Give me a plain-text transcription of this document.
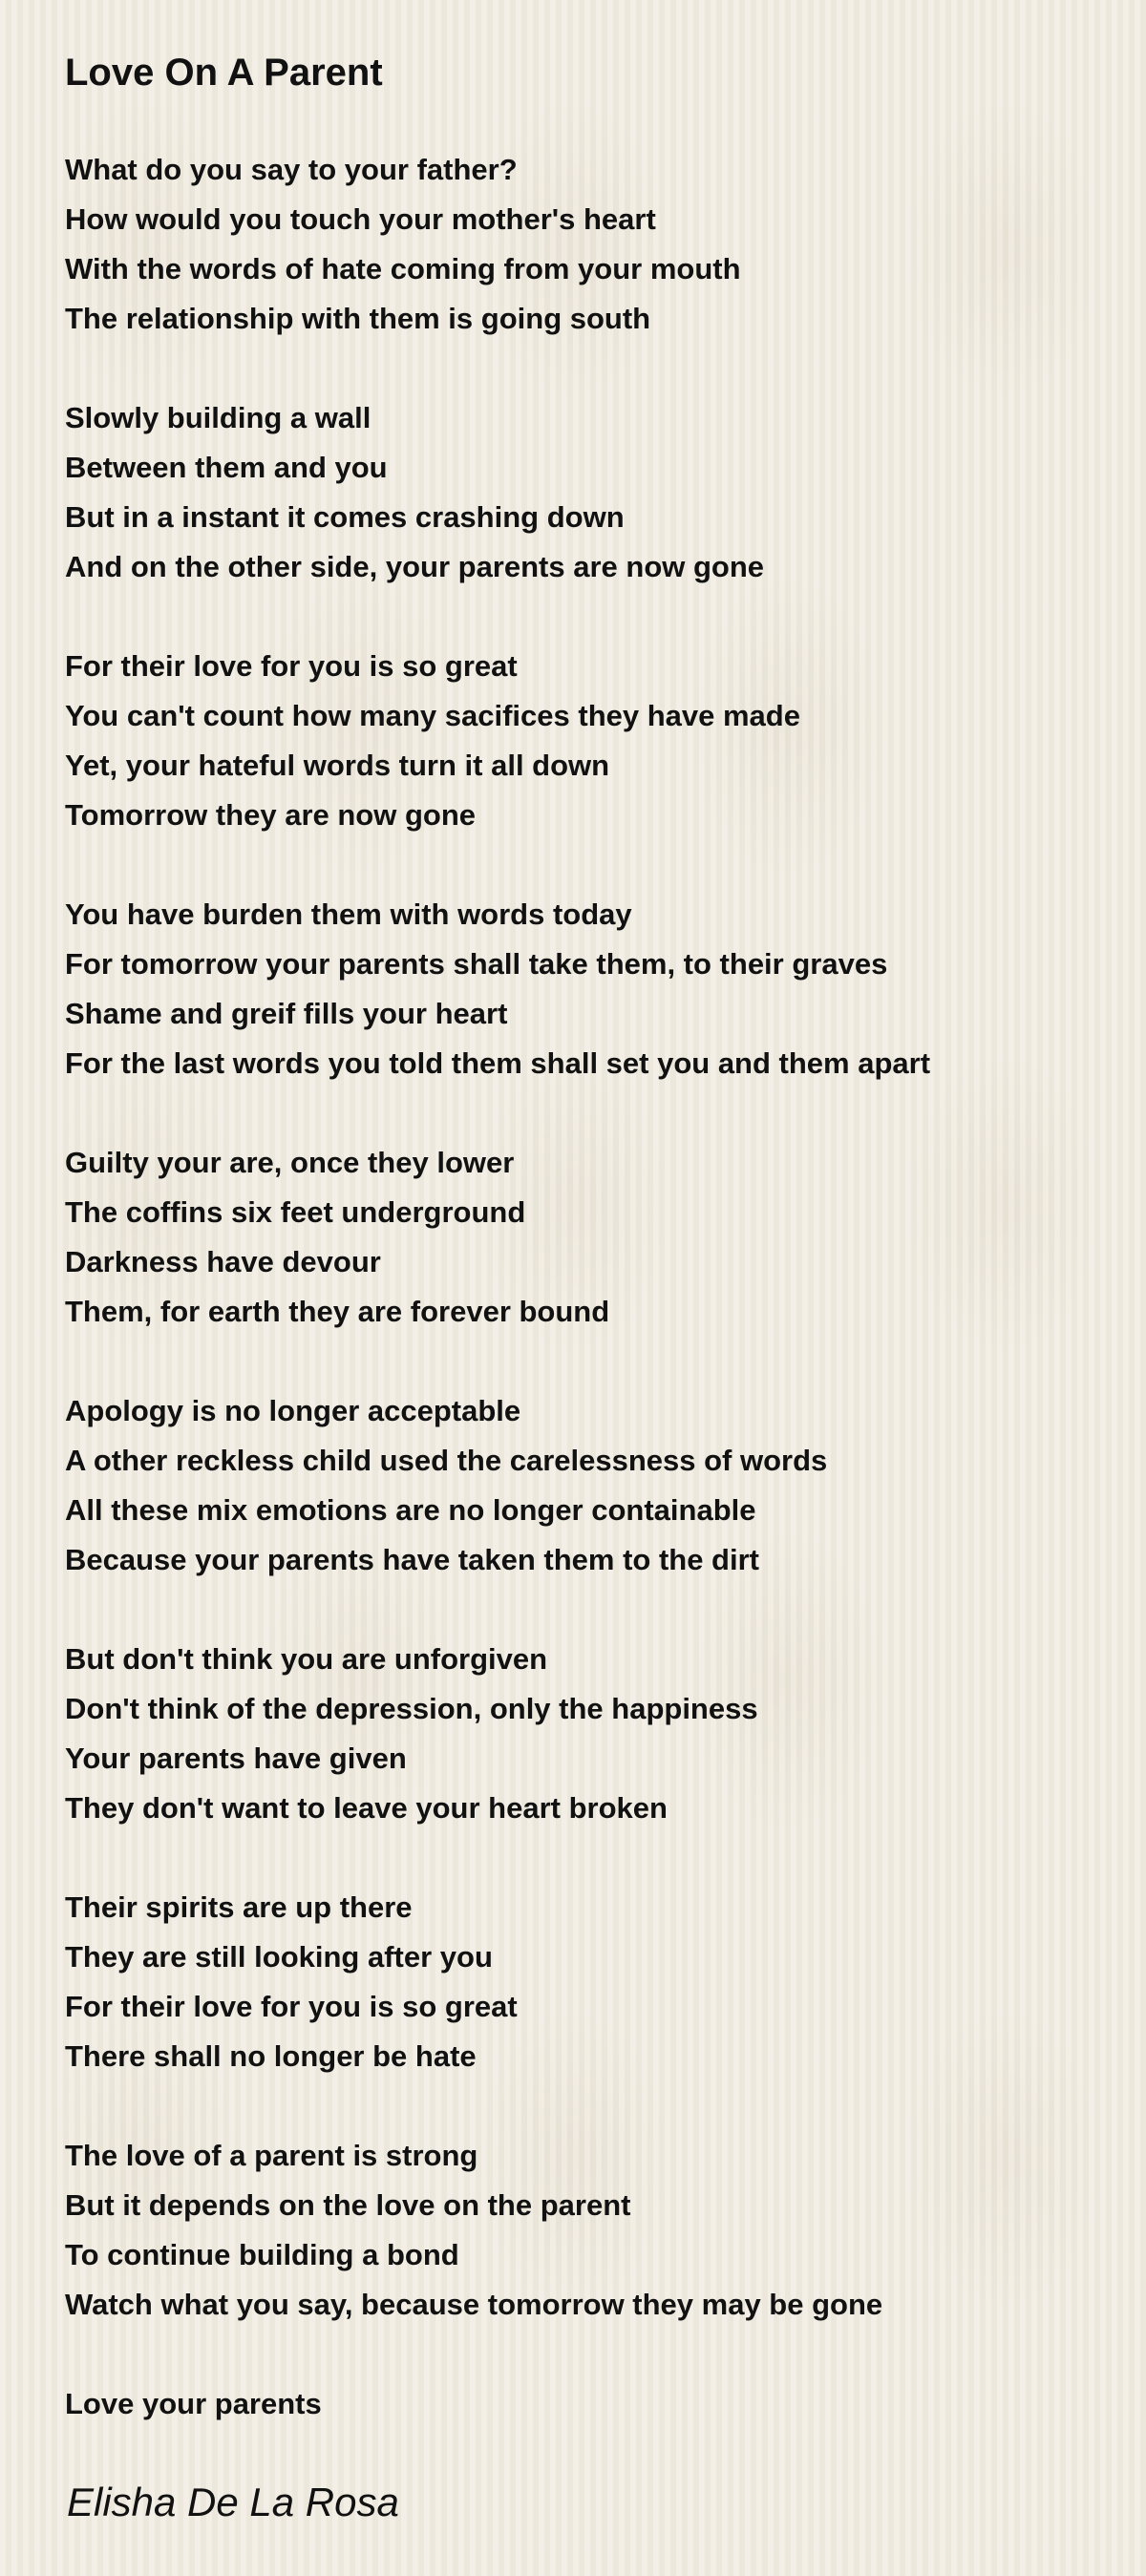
Love On A Parent
What do you say to your father?
How would you touch your mother's heart
With the words of hate coming from your mouth
The relationship with them is going south
Slowly building a wall
Between them and you
But in a instant it comes crashing down
And on the other side, your parents are now gone
For their love for you is so great
You can't count how many sacifices they have made
Yet, your hateful words turn it all down
Tomorrow they are now gone
You have burden them with words today
For tomorrow your parents shall take them, to their graves
Shame and greif fills your heart
For the last words you told them shall set you and them apart
Guilty your are, once they lower
The coffins six feet underground
Darkness have devour
Them, for earth they are forever bound
Apology is no longer acceptable
A other reckless child used the carelessness of words
All these mix emotions are no longer containable
Because your parents have taken them to the dirt
But don't think you are unforgiven
Don't think of the depression, only the happiness
Your parents have given
They don't want to leave your heart broken
Their spirits are up there
They are still looking after you
For their love for you is so great
There shall no longer be hate
The love of a parent is strong
But it depends on the love on the parent
To continue building a bond
Watch what you say, because tomorrow they may be gone
Love your parents
Elisha De La Rosa
